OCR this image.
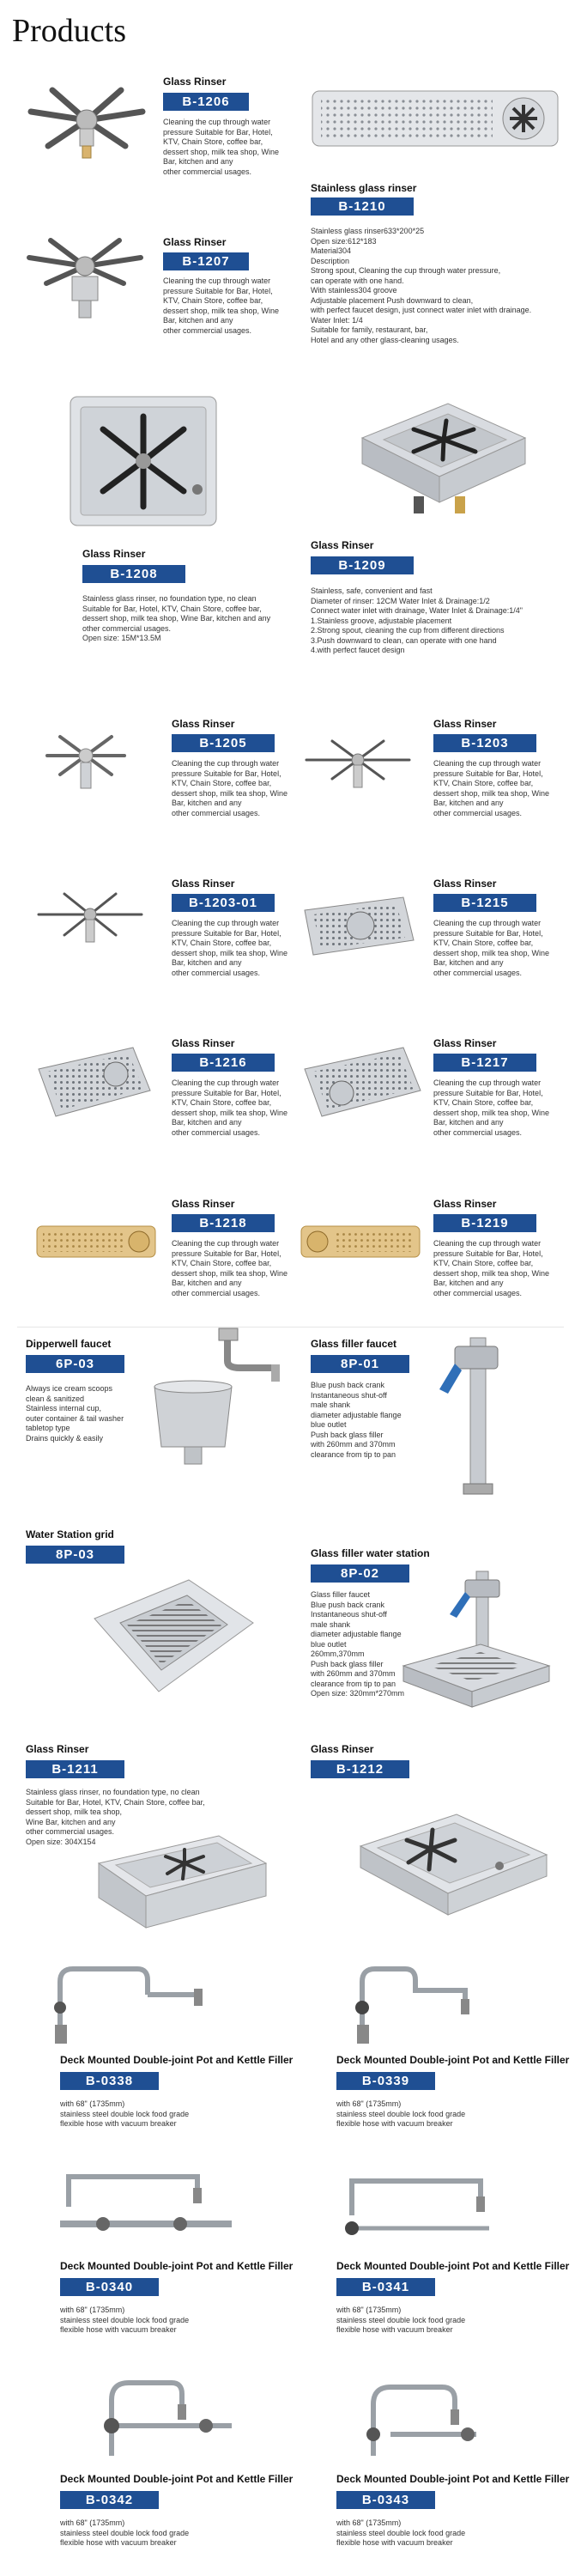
Products
Glass Rinser
B-1206
Cleaning the cup through water
pressure Suitable for Bar, Hotel,
KTV, Chain Store, coffee bar,
dessert shop, milk tea shop, Wine
Bar, kitchen and any
other commercial usages.
Stainless glass rinser
B-1210
Stainless glass rinser633*200*25
Open size:612*183
Material304
Description
Strong spout, Cleaning the cup through water pressure,
can operate with one hand.
With stainless304 groove
Adjustable placement Push downward to clean,
with perfect faucet design, just connect water inlet with drainage.
Water Inlet: 1/4
Suitable for family, restaurant, bar,
Hotel and any other glass-cleaning usages.
Glass Rinser
B-1207
Cleaning the cup through water
pressure Suitable for Bar, Hotel,
KTV, Chain Store, coffee bar,
dessert shop, milk tea shop, Wine
Bar, kitchen and any
other commercial usages.
Glass Rinser
B-1208
Stainless glass rinser, no foundation type, no clean
Suitable for Bar, Hotel, KTV, Chain Store, coffee bar,
dessert shop, milk tea shop, Wine Bar, kitchen and any
other commercial usages.
Open size: 15M*13.5M
Glass Rinser
B-1209
Stainless, safe, convenient and fast
Diameter of rinser: 12CM Water Inlet & Drainage:1/2
Connect water inlet with drainage, Water Inlet & Drainage:1/4"
1.Stainless groove, adjustable placement
2.Strong spout, cleaning the cup from different directions
3.Push downward to clean, can operate with one hand
4.with perfect faucet design
Glass Rinser
B-1205
Cleaning the cup through water
pressure Suitable for Bar, Hotel,
KTV, Chain Store, coffee bar,
dessert shop, milk tea shop, Wine
Bar, kitchen and any
other commercial usages.
Glass Rinser
B-1203
Cleaning the cup through water
pressure Suitable for Bar, Hotel,
KTV, Chain Store, coffee bar,
dessert shop, milk tea shop, Wine
Bar, kitchen and any
other commercial usages.
Glass Rinser
B-1203-01
Cleaning the cup through water
pressure Suitable for Bar, Hotel,
KTV, Chain Store, coffee bar,
dessert shop, milk tea shop, Wine
Bar, kitchen and any
other commercial usages.
Glass Rinser
B-1215
Cleaning the cup through water
pressure Suitable for Bar, Hotel,
KTV, Chain Store, coffee bar,
dessert shop, milk tea shop, Wine
Bar, kitchen and any
other commercial usages.
Glass Rinser
B-1216
Cleaning the cup through water
pressure Suitable for Bar, Hotel,
KTV, Chain Store, coffee bar,
dessert shop, milk tea shop, Wine
Bar, kitchen and any
other commercial usages.
Glass Rinser
B-1217
Cleaning the cup through water
pressure Suitable for Bar, Hotel,
KTV, Chain Store, coffee bar,
dessert shop, milk tea shop, Wine
Bar, kitchen and any
other commercial usages.
Glass Rinser
B-1218
Cleaning the cup through water
pressure Suitable for Bar, Hotel,
KTV, Chain Store, coffee bar,
dessert shop, milk tea shop, Wine
Bar, kitchen and any
other commercial usages.
Glass Rinser
B-1219
Cleaning the cup through water
pressure Suitable for Bar, Hotel,
KTV, Chain Store, coffee bar,
dessert shop, milk tea shop, Wine
Bar, kitchen and any
other commercial usages.
Dipperwell faucet
6P-03
Always ice cream scoops
clean & sanitized
Stainless internal cup,
outer container & tail washer
tabletop type
Drains quickly & easily
Glass filler faucet
8P-01
Blue push back crank
Instantaneous shut-off
male shank
diameter adjustable flange
blue outlet
Push back glass filler
with 260mm and 370mm
clearance from tip to pan
Water Station grid
8P-03	Glass filler water station
8P-02
Glass filler faucet
Blue push back crank
Instantaneous shut-off
male shank
diameter adjustable flange
blue outlet
260mm,370mm
Push back glass filler
with 260mm and 370mm
clearance from tip to pan
Open size: 320mm*270mm
Glass Rinser
B-1211
Stainless glass rinser, no foundation type, no clean
Suitable for Bar, Hotel, KTV, Chain Store, coffee bar,
dessert shop, milk tea shop,
Wine Bar, kitchen and any
other commercial usages.
Open size: 304X154
Glass Rinser
B-1212
Deck Mounted Double-joint Pot and Kettle Filler
B-0338
with 68" (1735mm)
stainless steel double lock food grade
flexible hose with vacuum breaker
Deck Mounted Double-joint Pot and Kettle Filler
B-0339
with 68" (1735mm)
stainless steel double lock food grade
flexible hose with vacuum breaker
Deck Mounted Double-joint Pot and Kettle Filler
B-0340
with 68" (1735mm)
stainless steel double lock food grade
flexible hose with vacuum breaker
Deck Mounted Double-joint Pot and Kettle Filler
B-0341
with 68" (1735mm)
stainless steel double lock food grade
flexible hose with vacuum breaker
Deck Mounted Double-joint Pot and Kettle Filler
B-0342
with 68" (1735mm)
stainless steel double lock food grade
flexible hose with vacuum breaker
Deck Mounted Double-joint Pot and Kettle Filler
B-0343
with 68" (1735mm)
stainless steel double lock food grade
flexible hose with vacuum breaker
